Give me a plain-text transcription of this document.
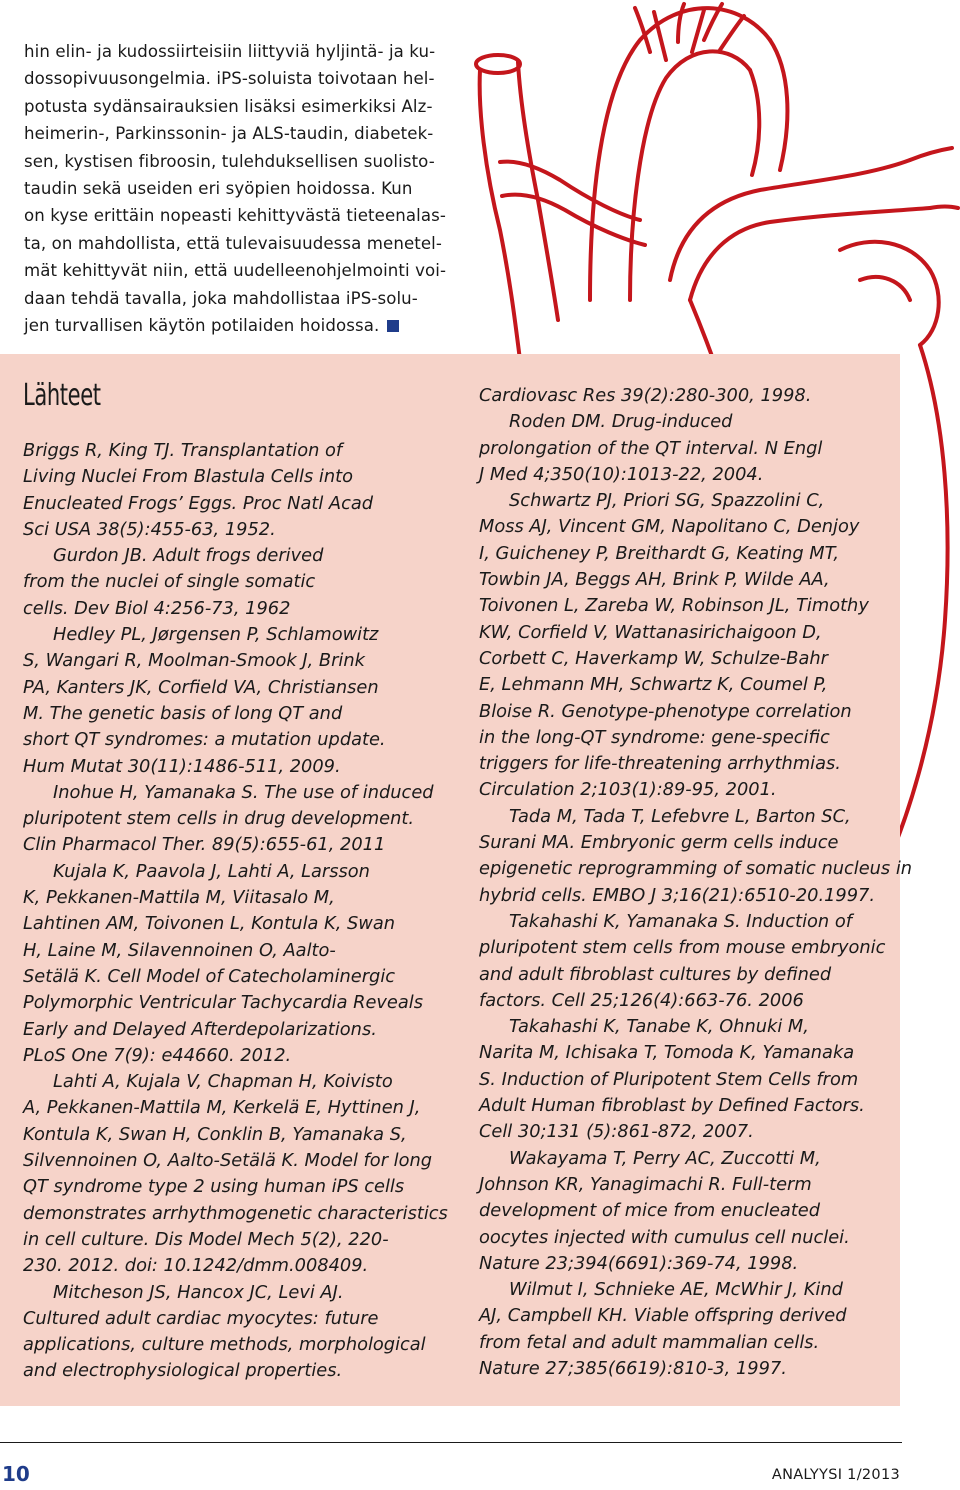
hin elin- ja kudossiirteisiin liittyviä hyljintä- ja ku-
dossopivuusongelmia. iPS-soluista toivotaan hel-
potusta sydänsairauksien lisäksi esimerkiksi Alz-
heimerin-, Parkinssonin- ja ALS-taudin, diabetek-
sen, kystisen fibroosin, tulehduksellisen suolisto-
taudin sekä useiden eri syöpien hoidossa. Kun
on kyse erittäin nopeasti kehittyvästä tieteenalas-
ta, on mahdollista, että tulevaisuudessa menetel-
mät kehittyvät niin, että uudelleenohjelmointi voi-
daan tehdä tavalla, joka mahdollistaa iPS-solu-
jen turvallisen käytön potilaiden hoidossa.

Lähteet
Briggs R, King TJ. Transplantation of
Living Nuclei From Blastula Cells into
Enucleated Frogs’ Eggs. Proc Natl Acad
Sci USA 38(5):455-63, 1952.
Gurdon JB. Adult frogs derived
from the nuclei of single somatic
cells. Dev Biol 4:256-73, 1962
Hedley PL, Jørgensen P, Schlamowitz
S, Wangari R, Moolman-Smook J, Brink
PA, Kanters JK, Corfield VA, Christiansen
M. The genetic basis of long QT and
short QT syndromes: a mutation update.
Hum Mutat 30(11):1486-511, 2009.
Inohue H, Yamanaka S. The use of induced
pluripotent stem cells in drug development.
Clin Pharmacol Ther. 89(5):655-61, 2011
Kujala K, Paavola J, Lahti A, Larsson
K, Pekkanen-Mattila M, Viitasalo M,
Lahtinen AM, Toivonen L, Kontula K, Swan
H, Laine M, Silavennoinen O, Aalto-
Setälä K. Cell Model of Catecholaminergic
Polymorphic Ventricular Tachycardia Reveals
Early and Delayed Afterdepolarizations.
PLoS One 7(9): e44660. 2012.
Lahti A, Kujala V, Chapman H, Koivisto
A, Pekkanen-Mattila M, Kerkelä E, Hyttinen J,
Kontula K, Swan H, Conklin B, Yamanaka S,
Silvennoinen O, Aalto-Setälä K. Model for long
QT syndrome type 2 using human iPS cells
demonstrates arrhythmogenetic characteristics
in cell culture. Dis Model Mech 5(2), 220-
230. 2012. doi: 10.1242/dmm.008409.
Mitcheson JS, Hancox JC, Levi AJ.
Cultured adult cardiac myocytes: future
applications, culture methods, morphological
and electrophysiological properties.
Cardiovasc Res 39(2):280-300, 1998.
Roden DM. Drug-induced
prolongation of the QT interval. N Engl
J Med 4;350(10):1013-22, 2004.
Schwartz PJ, Priori SG, Spazzolini C,
Moss AJ, Vincent GM, Napolitano C, Denjoy
I, Guicheney P, Breithardt G, Keating MT,
Towbin JA, Beggs AH, Brink P, Wilde AA,
Toivonen L, Zareba W, Robinson JL, Timothy
KW, Corfield V, Wattanasirichaigoon D,
Corbett C, Haverkamp W, Schulze-Bahr
E, Lehmann MH, Schwartz K, Coumel P,
Bloise R. Genotype-phenotype correlation
in the long-QT syndrome: gene-specific
triggers for life-threatening arrhythmias.
Circulation 2;103(1):89-95, 2001.
Tada M, Tada T, Lefebvre L, Barton SC,
Surani MA. Embryonic germ cells induce
epigenetic reprogramming of somatic nucleus in
hybrid cells. EMBO J 3;16(21):6510-20.1997.
Takahashi K, Yamanaka S. Induction of
pluripotent stem cells from mouse embryonic
and adult fibroblast cultures by defined
factors. Cell 25;126(4):663-76. 2006
Takahashi K, Tanabe K, Ohnuki M,
Narita M, Ichisaka T, Tomoda K, Yamanaka
S. Induction of Pluripotent Stem Cells from
Adult Human fibroblast by Defined Factors.
Cell 30;131 (5):861-872, 2007.
Wakayama T, Perry AC, Zuccotti M,
Johnson KR, Yanagimachi R. Full-term
development of mice from enucleated
oocytes injected with cumulus cell nuclei.
Nature 23;394(6691):369-74, 1998.
Wilmut I, Schnieke AE, McWhir J, Kind
AJ, Campbell KH. Viable offspring derived
from fetal and adult mammalian cells.
Nature 27;385(6619):810-3, 1997.

10	ANALYYSI 1/2013
